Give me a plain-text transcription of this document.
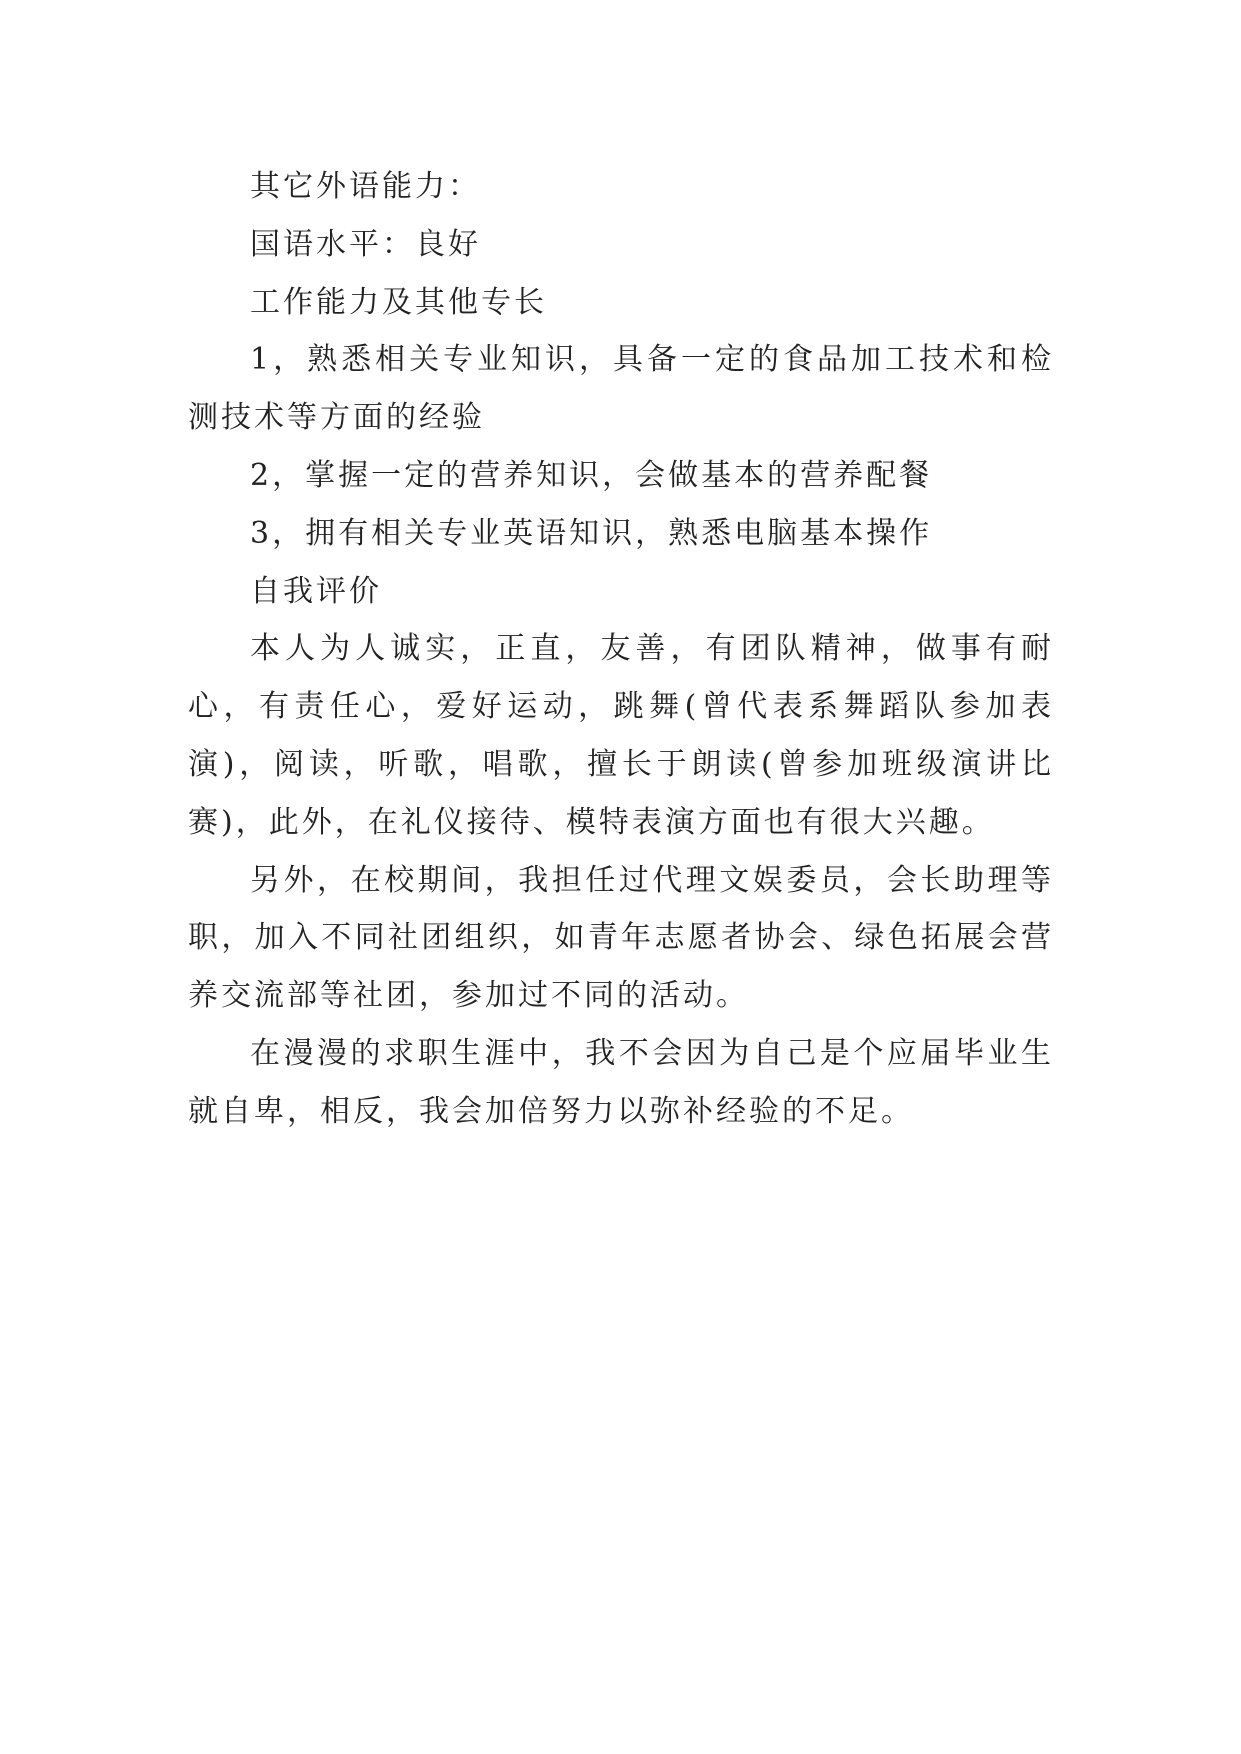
其它外语能力：

国语水平：良好

工作能力及其他专长

1，熟悉相关专业知识，具备一定的食品加工技术和检测技术等方面的经验

2，掌握一定的营养知识，会做基本的营养配餐

3，拥有相关专业英语知识，熟悉电脑基本操作

自我评价

本人为人诚实，正直，友善，有团队精神，做事有耐心，有责任心，爱好运动，跳舞(曾代表系舞蹈队参加表演)，阅读，听歌，唱歌，擅长于朗读(曾参加班级演讲比赛)，此外，在礼仪接待、模特表演方面也有很大兴趣。

另外，在校期间，我担任过代理文娱委员，会长助理等职，加入不同社团组织，如青年志愿者协会、绿色拓展会营养交流部等社团，参加过不同的活动。

在漫漫的求职生涯中，我不会因为自己是个应届毕业生就自卑，相反，我会加倍努力以弥补经验的不足。
